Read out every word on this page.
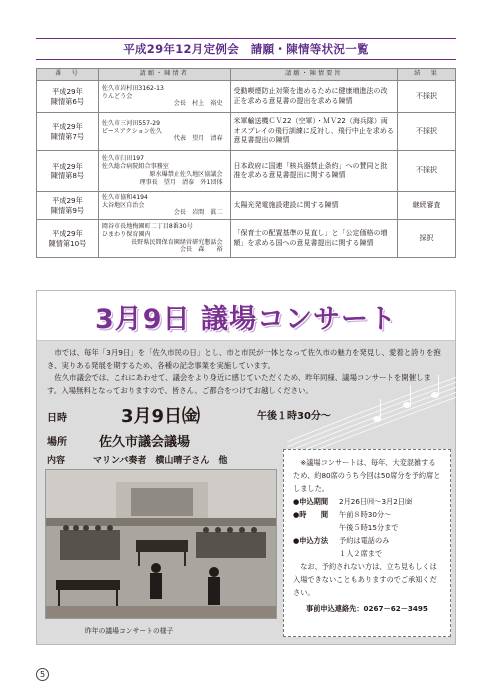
平成29年12月定例会　請願・陳情等状況一覧
番　号	請願・陳情者	請願・陳情要旨	結　果

平成29年
陳情第6号	佐久市岩村田3162-13
りんどう会
会長　村上　裕史	受動喫煙防止対策を進めるために健康増進法の改正を求める意見書の提出を求める陳情	不採択

平成29年
陳情第7号	佐久市三河田557-29
ピースアクション佐久
代表　望月　清春	米軍輸送機ＣＶ22（空軍）・ＭＶ22（海兵隊）両オスプレイの飛行訓練に反対し、飛行中止を求める意見書提出の陳情	不採択

平成29年
陳情第8号	佐久市臼田197
佐久総合病院組合事務室
原水爆禁止佐久地区協議会
理事長　望月　清泰　外1団体	日本政府に国連「核兵器禁止条約」への賛同と批准を求める意見書提出に関する陳情	不採択

平成29年
陳情第9号	佐久市協和4194
大谷地区自治会
会長　岩間　眞二	太陽光発電施設建設に関する陳情	継続審査

平成29年
陳情第10号	岡谷市長地梅園町二丁目8番30号
ひまわり保育園内
長野県民間保育園経営研究懇話会
会長　森　　裕	「保育士の配置基準の見直し」と「公定価格の増額」を求める国への意見書提出に関する陳情	採択
3月9日 議場コンサート

市では、毎年「3月9日」を「佐久市民の日」とし、市と市民が一体となって佐久市の魅力を発見し、愛着と誇りを抱き、実りある発展を期するため、各種の記念事業を実施しています。

佐久市議会では、これにあわせて、議会をより身近に感じていただくため、昨年同様、議場コンサートを開催します。入場無料となっておりますので、皆さん、ご都合をつけてお越しください。

日時	3月9日㈮	午後１時30分～
場所 佐久市議会議場
内容	マリンバ奏者　横山晴子さん　他
昨年の議場コンサートの様子
※議場コンサートは、毎年、大変混雑するため、約80席のうち今回は50席分を予約席としました。
●申込期間	2月26日㈪～3月2日㈮
●時　　間	午前８時30分～
午後５時15分まで
●申込方法	予約は電話のみ
１人２席まで
なお、予約されない方は、立ち見もしくは入場できないこともありますのでご承知ください。
事前申込連絡先：0267－62－3495
5
